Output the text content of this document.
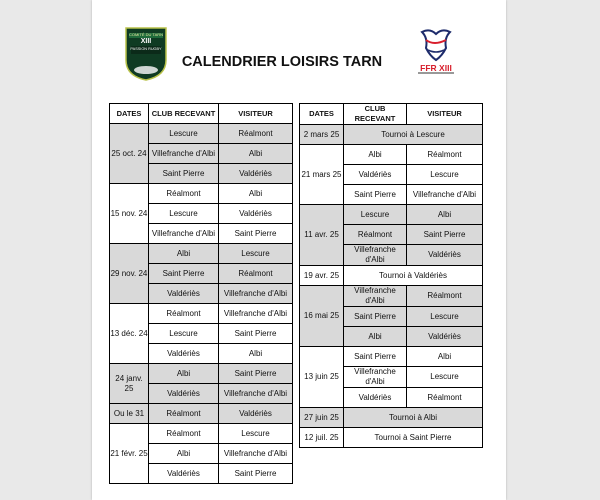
COMITÉ DU TARN
XIII
PASSION RUGBY
CALENDRIER LOISIRS TARN	FFR XIII
DATES	CLUB RECEVANT	VISITEUR
25 oct. 24	Lescure	Réalmont
	Villefranche d'Albi	Albi
	Saint Pierre	Valdériès
15 nov. 24	Réalmont	Albi
	Lescure	Valdériès
	Villefranche d'Albi	Saint Pierre
29 nov. 24	Albi	Lescure
	Saint Pierre	Réalmont
	Valdériès	Villefranche d'Albi
13 déc. 24	Réalmont	Villefranche d'Albi
	Lescure	Saint Pierre
	Valdériès	Albi
24 janv. 25	Albi	Saint Pierre
	Valdériès	Villefranche d'Albi
Ou le 31	Réalmont	Valdériès
21 févr. 25	Réalmont	Lescure
	Albi	Villefranche d'Albi
	Valdériès	Saint Pierre
DATES	CLUB RECEVANT	VISITEUR
2 mars 25	Tournoi à Lescure	
21 mars 25	Albi	Réalmont
	Valdériès	Lescure
	Saint Pierre	Villefranche d'Albi
11 avr. 25	Lescure	Albi
	Réalmont	Saint Pierre
	Villefranche d'Albi	Valdériès
19 avr. 25	Tournoi à Valdériès	
16 mai 25	Villefranche d'Albi	Réalmont
	Saint Pierre	Lescure
	Albi	Valdériès
13 juin 25	Saint Pierre	Albi
	Villefranche d'Albi	Lescure
	Valdériès	Réalmont
27 juin 25	Tournoi à Albi	
12 juil. 25	Tournoi à Saint Pierre	
